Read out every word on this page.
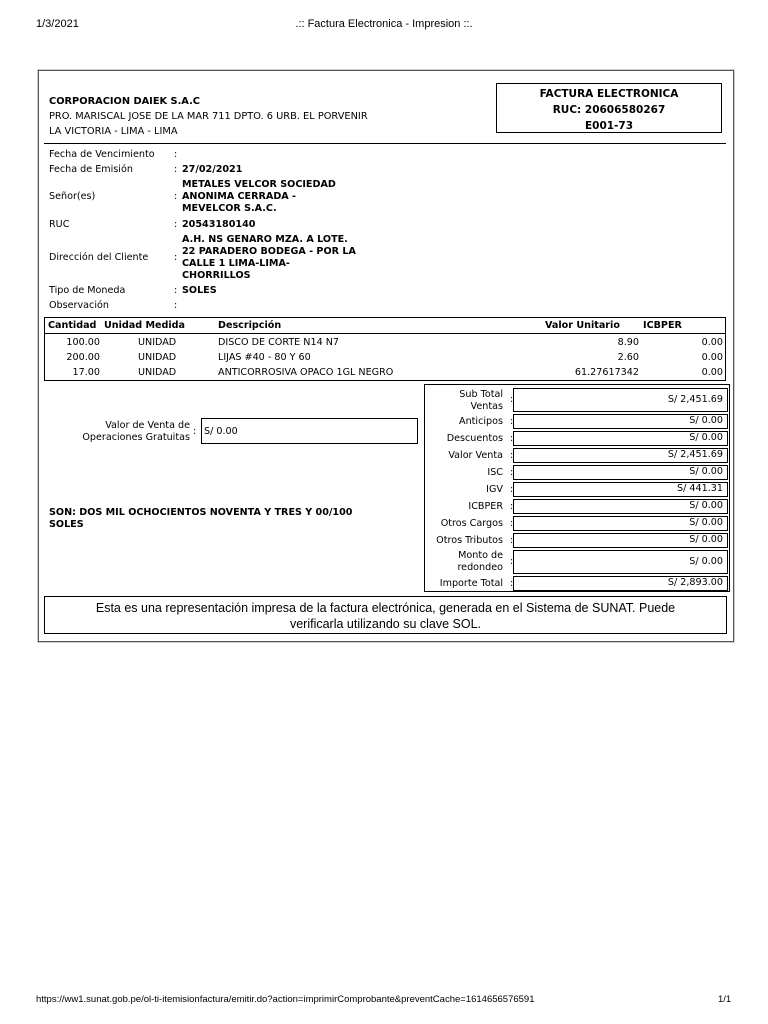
1/3/2021	.:: Factura Electronica - Impresion ::.
CORPORACION DAIEK S.A.C
PRO. MARISCAL JOSE DE LA MAR 711 DPTO. 6 URB. EL PORVENIR
LA VICTORIA - LIMA - LIMA
FACTURA ELECTRONICA
RUC: 20606580267
E001-73
Fecha de Vencimiento :
Fecha de Emisión	: 27/02/2021
Señor(es)	:
METALES VELCOR SOCIEDAD
ANONIMA CERRADA -
MEVELCOR S.A.C.
RUC	: 20543180140
Dirección del Cliente	:
A.H. NS GENARO MZA. A LOTE.
22 PARADERO BODEGA - POR LA
CALLE 1 LIMA-LIMA-
CHORRILLOS
Tipo de Moneda	: SOLES
Observación	:
Cantidad Unidad Medida	Descripción	Valor Unitario ICBPER
100.00	UNIDAD	DISCO DE CORTE N14 N7	8.90	0.00
200.00	UNIDAD	LIJAS #40 - 80 Y 60	2.60	0.00
17.00	UNIDAD	ANTICORROSIVA OPACO 1GL NEGRO	61.27617342	0.00
Valor de Venta de
Operaciones Gratuitas
: S/ 0.00
SON: DOS MIL OCHOCIENTOS NOVENTA Y TRES Y 00/100
SOLES
Sub Total
Ventas
:	S/ 2,451.69
Anticipos :	S/ 0.00
Descuentos :	S/ 0.00
Valor Venta :	S/ 2,451.69
ISC :	S/ 0.00
IGV :	S/ 441.31
ICBPER :	S/ 0.00
Otros Cargos :	S/ 0.00
Otros Tributos :	S/ 0.00
Monto de
redondeo
:	S/ 0.00
Importe Total :	S/ 2,893.00
Esta es una representación impresa de la factura electrónica, generada en el Sistema de SUNAT. Puede
verificarla utilizando su clave SOL.
https://ww1.sunat.gob.pe/ol-ti-itemisionfactura/emitir.do?action=imprimirComprobante&preventCache=1614656576591	1/1
